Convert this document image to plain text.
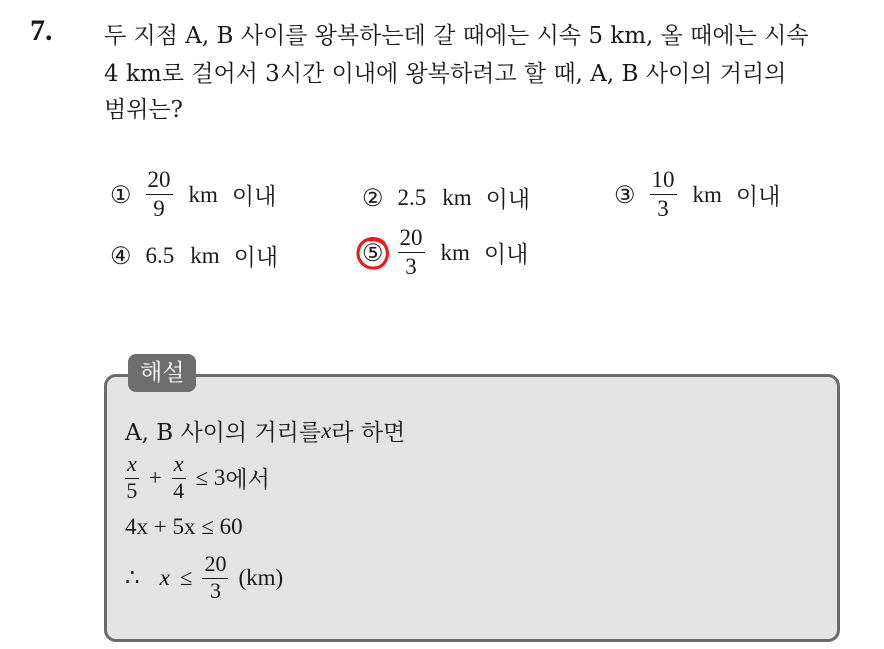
7. 두 지점 A, B 사이를 왕복하는데 갈 때에는 시속 5 km, 올 때에는 시속
4 km로 걸어서 3시간 이내에 왕복하려고 할 때, A, B 사이의 거리의
범위는?
① $\frac{20}{9}$ km 이내	② 2.5 km 이내	③ $\frac{10}{3}$ km 이내
④ 6.5 km 이내	⑤ $\frac{20}{3}$ km 이내
해설
A, B 사이의 거리를 x 라 하면
$\frac{x}{5} + \frac{x}{4} \le 3$ 에서
4x + 5x ≤ 60
∴ $x \le \frac{20}{3} (km)$
